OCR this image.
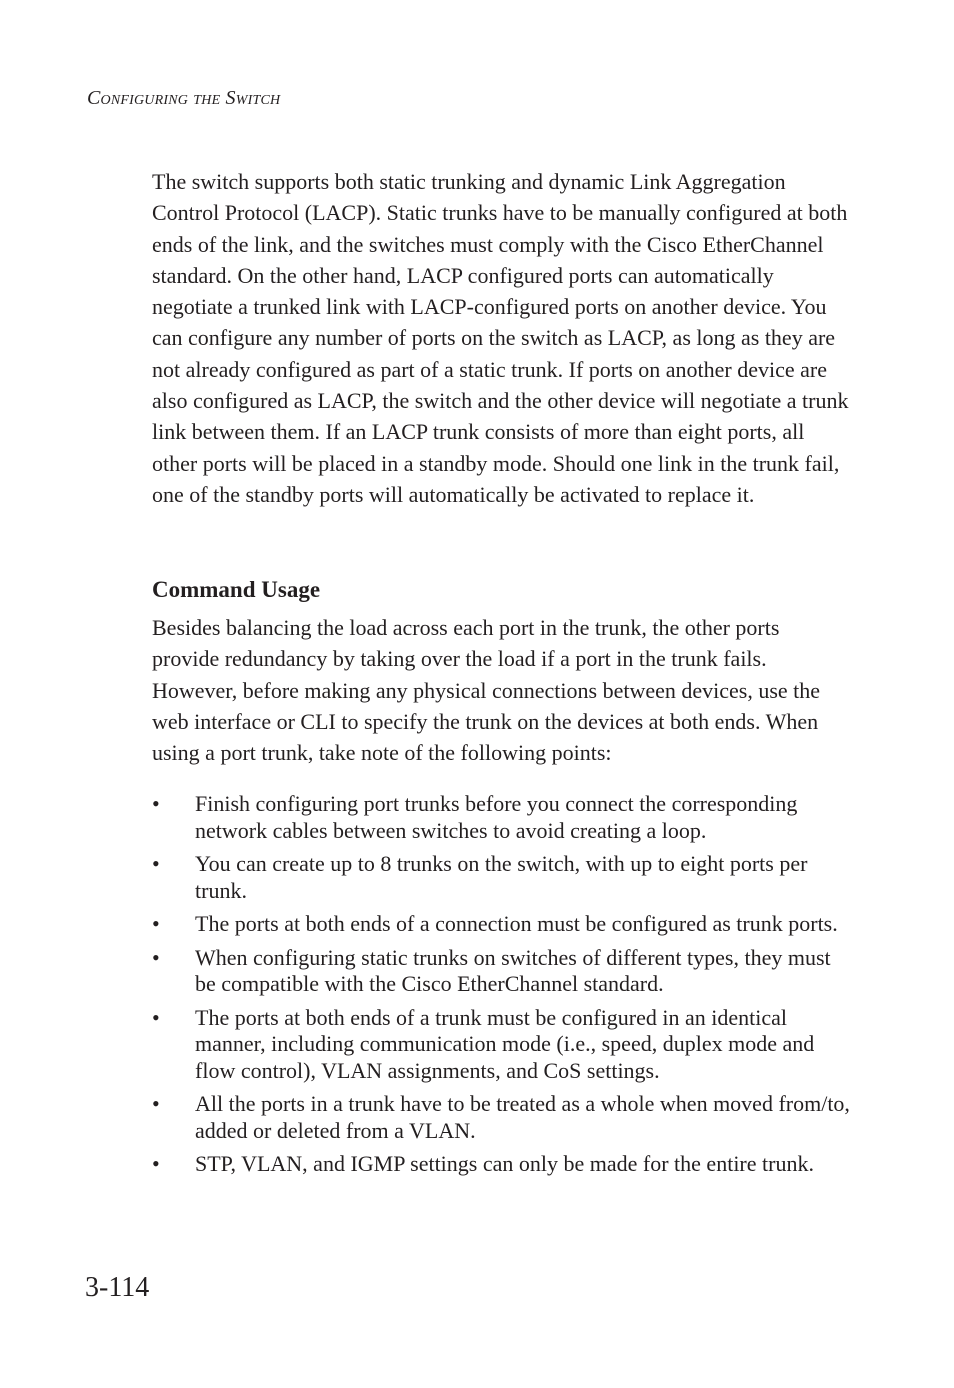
Configuring the Switch

The switch supports both static trunking and dynamic Link Aggregation Control Protocol (LACP). Static trunks have to be manually configured at both ends of the link, and the switches must comply with the Cisco EtherChannel standard. On the other hand, LACP configured ports can automatically negotiate a trunked link with LACP-configured ports on another device. You can configure any number of ports on the switch as LACP, as long as they are not already configured as part of a static trunk. If ports on another device are also configured as LACP, the switch and the other device will negotiate a trunk link between them. If an LACP trunk consists of more than eight ports, all other ports will be placed in a standby mode. Should one link in the trunk fail, one of the standby ports will automatically be activated to replace it.

Command Usage

Besides balancing the load across each port in the trunk, the other ports provide redundancy by taking over the load if a port in the trunk fails. However, before making any physical connections between devices, use the web interface or CLI to specify the trunk on the devices at both ends. When using a port trunk, take note of the following points:

• Finish configuring port trunks before you connect the corresponding network cables between switches to avoid creating a loop.
• You can create up to 8 trunks on the switch, with up to eight ports per trunk.
• The ports at both ends of a connection must be configured as trunk ports.
• When configuring static trunks on switches of different types, they must be compatible with the Cisco EtherChannel standard.
• The ports at both ends of a trunk must be configured in an identical manner, including communication mode (i.e., speed, duplex mode and flow control), VLAN assignments, and CoS settings.
• All the ports in a trunk have to be treated as a whole when moved from/to, added or deleted from a VLAN.
• STP, VLAN, and IGMP settings can only be made for the entire trunk.
3-114
